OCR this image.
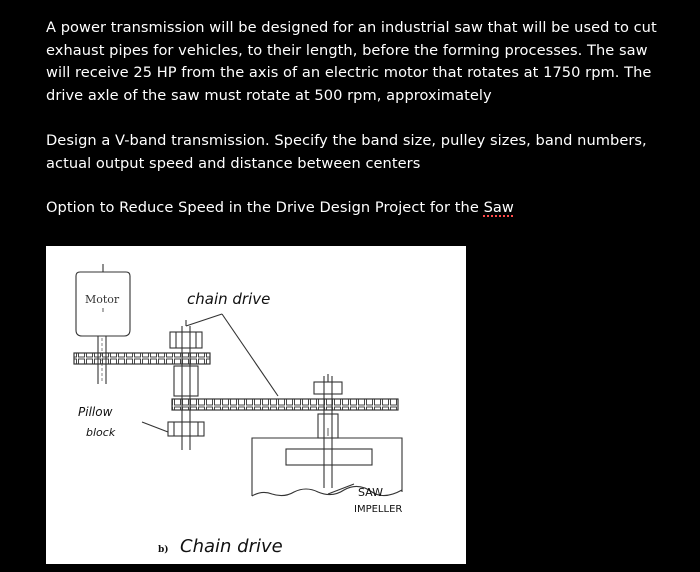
A power transmission will be designed for an industrial saw that will be used to cut exhaust pipes for vehicles, to their length, before the forming processes. The saw will receive 25 HP from the axis of an electric motor that rotates at 1750 rpm. The drive axle of the saw must rotate at 500 rpm, approximately

Design a V-band transmission. Specify the band size, pulley sizes, band numbers, actual output speed and distance between centers

Option to Reduce Speed in the Drive Design Project for the Saw

Motor	chain drive
Pillow
block
SAW
IMPELLER
b) Chain drive
